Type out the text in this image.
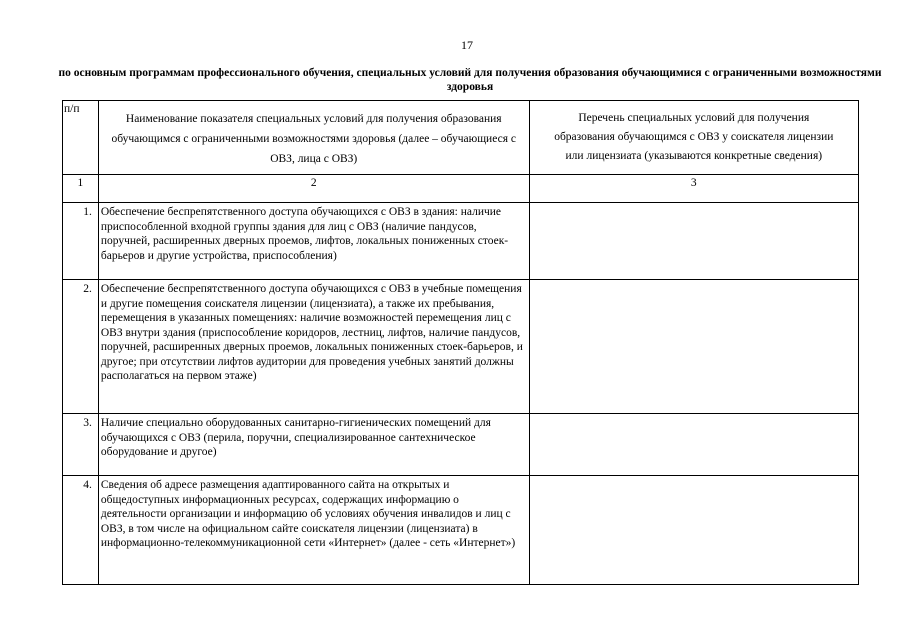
17
по основным программам профессионального обучения, специальных условий для получения образования обучающимися с ограниченными возможностями здоровья
п/п	Наименование показателя специальных условий для получения образования обучающимся с ограниченными возможностями здоровья (далее – обучающиеся с ОВЗ, лица с ОВЗ)	Перечень специальных условий для получения образования обучающимся с ОВЗ у соискателя лицензии или лицензиата (указываются конкретные сведения)

1	2	3
1.	Обеспечение беспрепятственного доступа обучающихся с ОВЗ в здания: наличие приспособленной входной группы здания для лиц с ОВЗ (наличие пандусов, поручней, расширенных дверных проемов, лифтов, локальных пониженных стоек-барьеров и другие устройства, приспособления)	
2.	Обеспечение беспрепятственного доступа обучающихся с ОВЗ в учебные помещения и другие помещения соискателя лицензии (лицензиата), а также их пребывания, перемещения в указанных помещениях: наличие возможностей перемещения лиц с ОВЗ внутри здания (приспособление коридоров, лестниц, лифтов, наличие пандусов, поручней, расширенных дверных проемов, локальных пониженных стоек-барьеров, и другое; при отсутствии лифтов аудитории для проведения учебных занятий должны располагаться на первом этаже)	
3.	Наличие специально оборудованных санитарно-гигиенических помещений для обучающихся с ОВЗ (перила, поручни, специализированное сантехническое оборудование и другое)	
4.	Сведения об адресе размещения адаптированного сайта на открытых и общедоступных информационных ресурсах, содержащих информацию о деятельности организации и информацию об условиях обучения инвалидов и лиц с ОВЗ, в том числе на официальном сайте соискателя лицензии (лицензиата) в информационно-телекоммуникационной сети «Интернет» (далее - сеть «Интернет»)	
